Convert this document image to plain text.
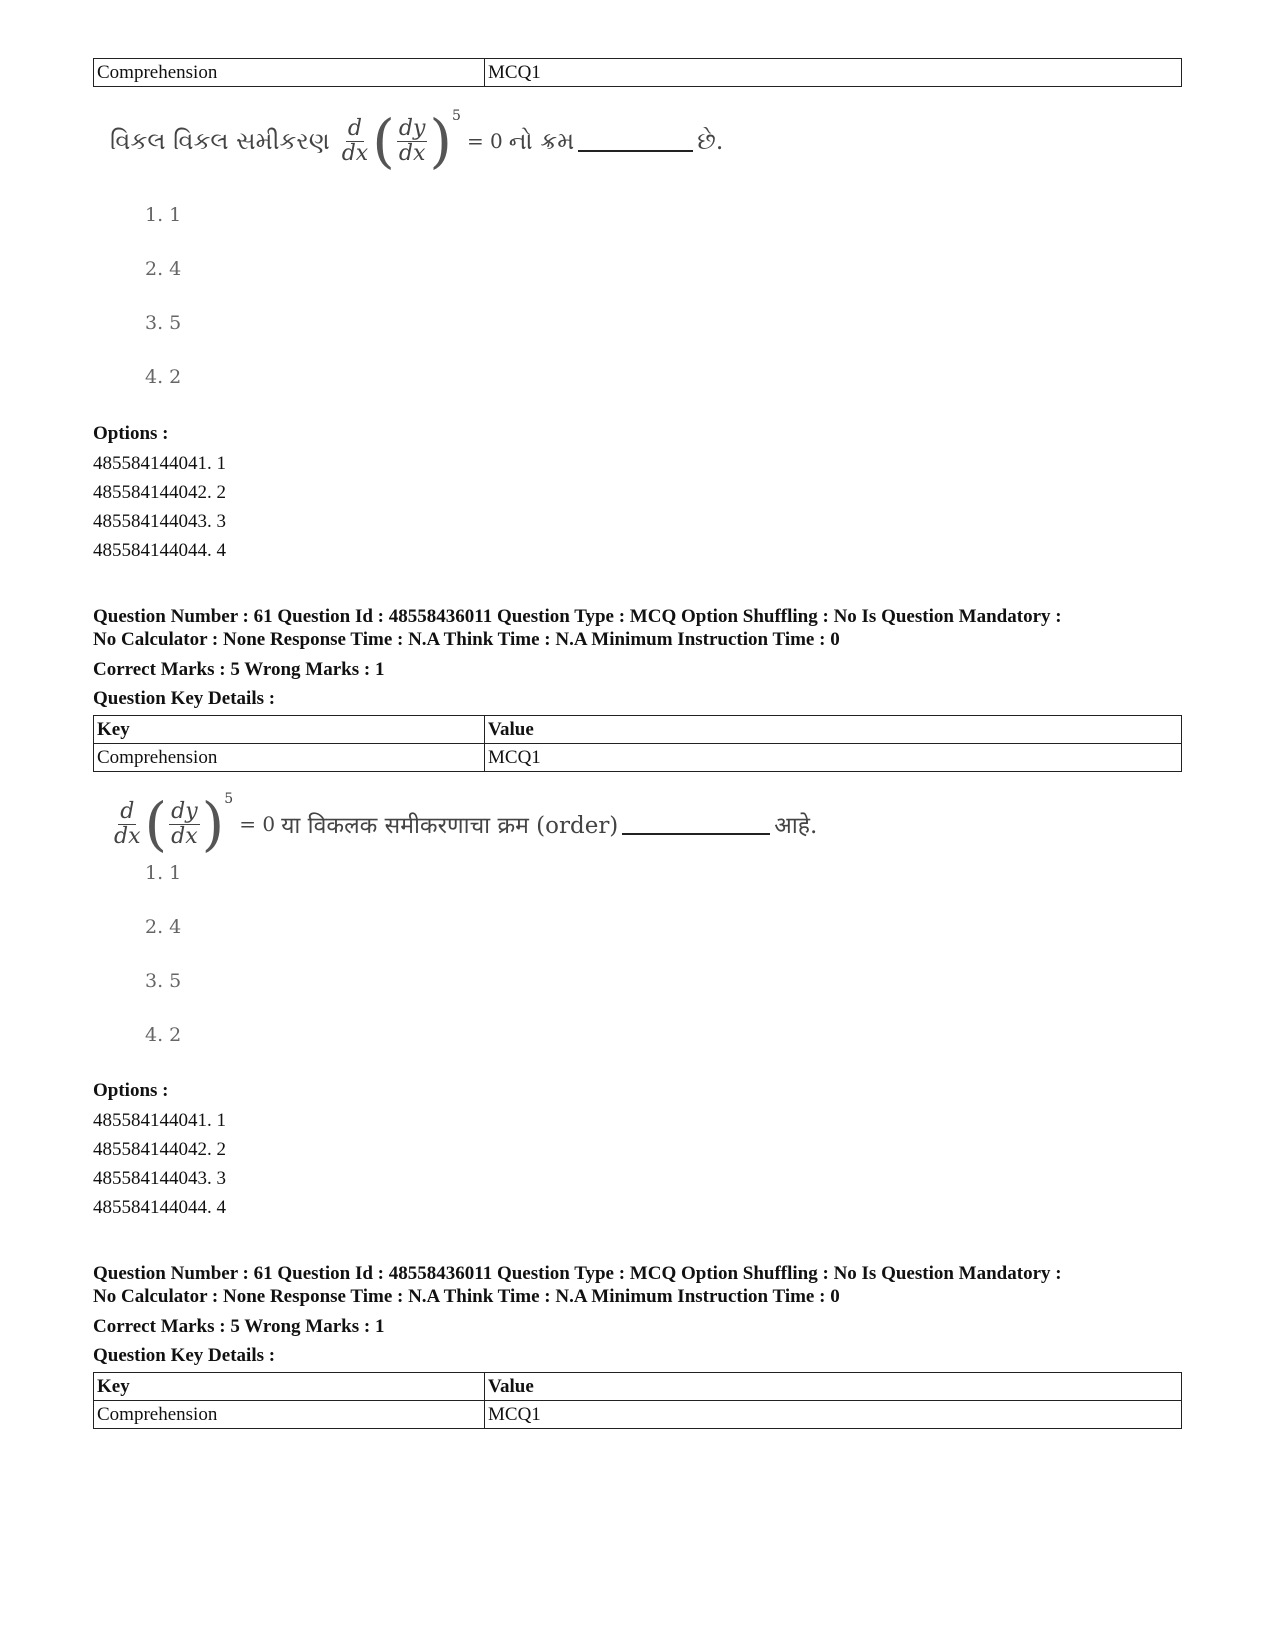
Comprehension	MCQ1
વિકલ વિકલ સમીકરણ $\frac{d}{dx}$ ( $\frac{dy}{dx}$ ) 5
= 0 નો ક્રમ	છે.
1. 1
2. 4
3. 5
4. 2
Options :
485584144041. 1
485584144042. 2
485584144043. 3
485584144044. 4
Question Number : 61 Question Id : 48558436011 Question Type : MCQ Option Shuffling : No Is Question Mandatory :
No Calculator : None Response Time : N.A Think Time : N.A Minimum Instruction Time : 0
Correct Marks : 5 Wrong Marks : 1
Question Key Details :
Key	Value
Comprehension	MCQ1
$\frac{d}{dx}$ ( $\frac{dy}{dx}$ ) 5
= 0 या विकलक समीकरणाचा क्रम (order)	आहे.
1. 1
2. 4
3. 5
4. 2
Options :
485584144041. 1
485584144042. 2
485584144043. 3
485584144044. 4
Question Number : 61 Question Id : 48558436011 Question Type : MCQ Option Shuffling : No Is Question Mandatory :
No Calculator : None Response Time : N.A Think Time : N.A Minimum Instruction Time : 0
Correct Marks : 5 Wrong Marks : 1
Question Key Details :
Key	Value
Comprehension	MCQ1
